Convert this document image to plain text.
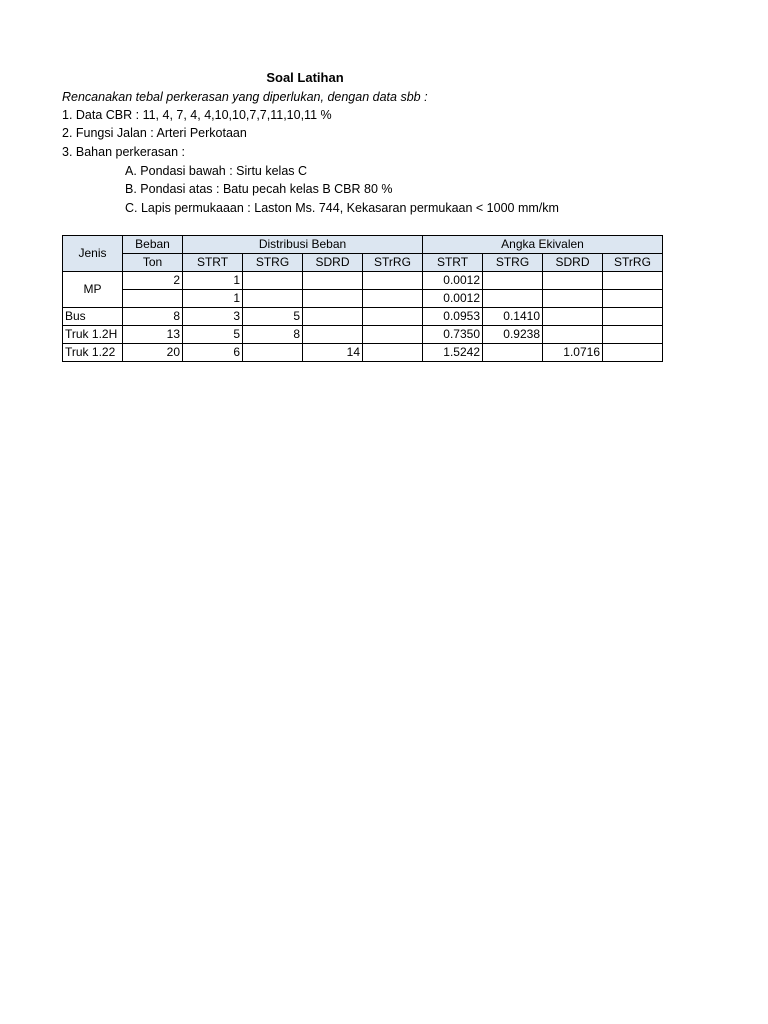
Soal Latihan
Rencanakan tebal perkerasan yang diperlukan, dengan data sbb :
1. Data CBR : 11, 4, 7, 4, 4,10,10,7,7,11,10,11 %
2. Fungsi Jalan : Arteri Perkotaan
3. Bahan perkerasan :
A. Pondasi bawah : Sirtu kelas C
B. Pondasi atas : Batu pecah kelas B CBR 80 %
C. Lapis permukaaan : Laston Ms. 744, Kekasaran permukaan < 1000 mm/km
Jenis	Beban	Distribusi Beban				Angka Ekivalen			
	Ton	STRT	STRG	SDRD	STrRG	STRT	STRG	SDRD	STrRG
MP	2	1				0.0012			
		1				0.0012			
Bus	8	3	5			0.0953	0.1410		
Truk 1.2H	13	5	8			0.7350	0.9238		
Truk 1.22	20	6		14		1.5242		1.0716	
